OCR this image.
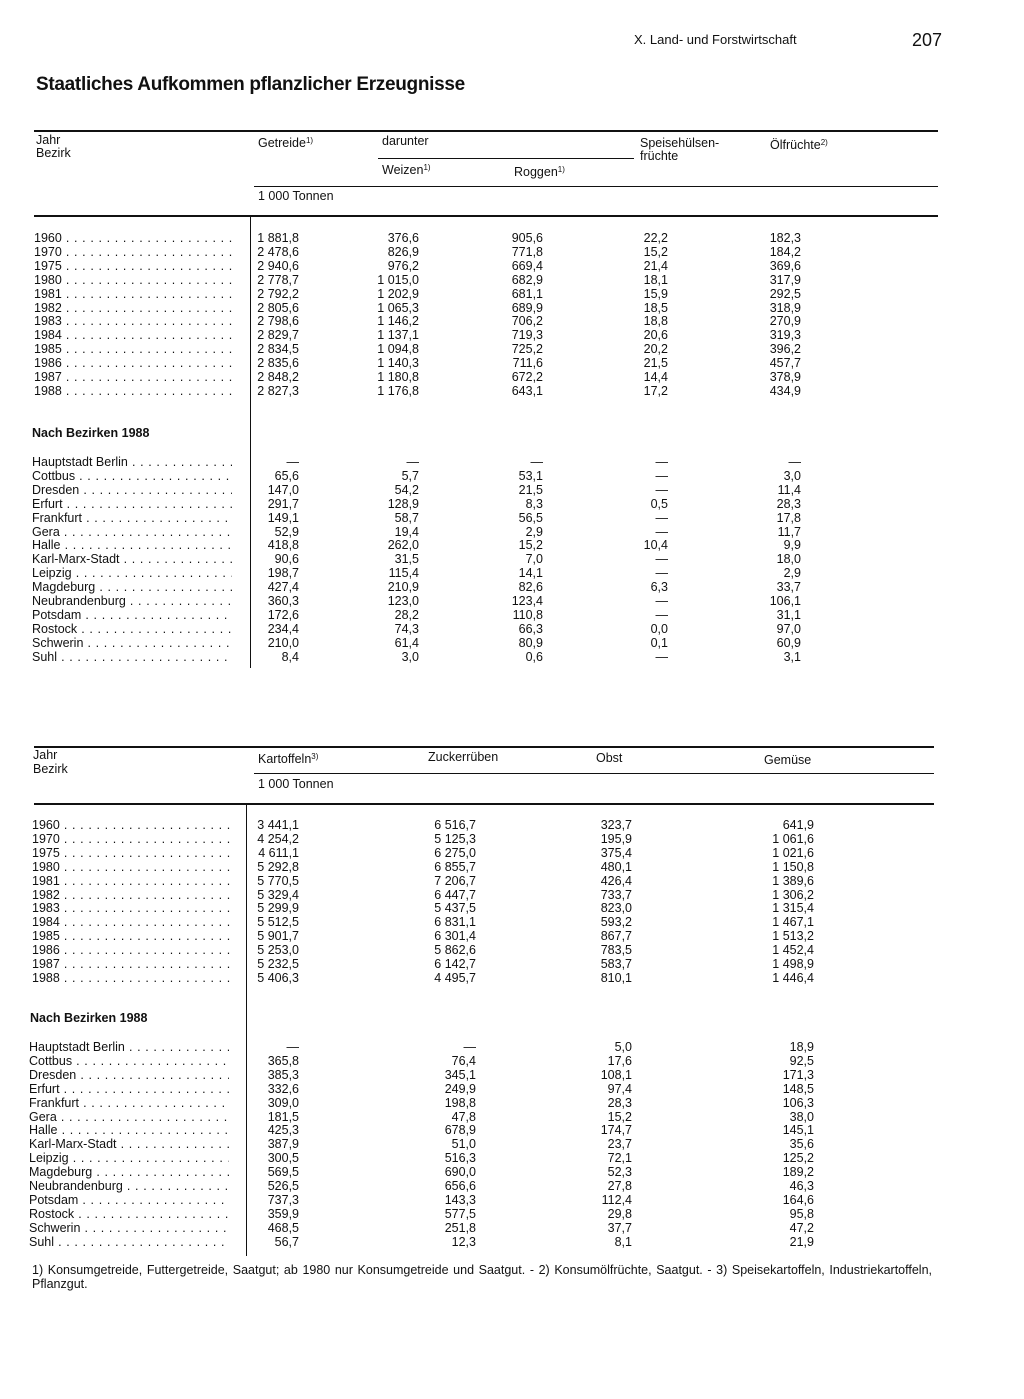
X. Land- und Forstwirtschaft	207
Staatliches Aufkommen pflanzlicher Erzeugnisse
Jahr
Bezirk
Getreide$^{1)}$	darunter
Weizen$^{1)}$	Roggen$^{1)}$
Speisehülsen-
früchte
Ölfrüchte$^{2)}$
1 000 Tonnen
1960 . . .	1 881,8	376,6	905,6	22,2	182,3
1970 . . .	2 478,6	826,9	771,8	15,2	184,2
1975 . . .	2 940,6	976,2	669,4	21,4	369,6
1980 . . .	2 778,7	1 015,0	682,9	18,1	317,9
1981 . . .	2 792,2	1 202,9	681,1	15,9	292,5
1982 . . .	2 805,6	1 065,3	689,9	18,5	318,9
1983 . . .	2 798,6	1 146,2	706,2	18,8	270,9
1984 . . .	2 829,7	1 137,1	719,3	20,6	319,3
1985 . . .	2 834,5	1 094,8	725,2	20,2	396,2
1986 . . .	2 835,6	1 140,3	711,6	21,5	457,7
1987 . . .	2 848,2	1 180,8	672,2	14,4	378,9
1988 . . .	2 827,3	1 176,8	643,1	17,2	434,9
Nach Bezirken 1988
Hauptstadt Berlin . . .	—	—	—	—	—
Cottbus . . .	65,6	5,7	53,1	—	3,0
Dresden . . .	147,0	54,2	21,5	—	11,4
Erfurt . . .	291,7	128,9	8,3	0,5	28,3
Frankfurt . . .	149,1	58,7	56,5	—	17,8
Gera . . .	52,9	19,4	2,9	—	11,7
Halle . . .	418,8	262,0	15,2	10,4	9,9
Karl-Marx-Stadt . . .	90,6	31,5	7,0	—	18,0
Leipzig . . .	198,7	115,4	14,1	—	2,9
Magdeburg . . .	427,4	210,9	82,6	6,3	33,7
Neubrandenburg . . .	360,3	123,0	123,4	—	106,1
Potsdam . . .	172,6	28,2	110,8	—	31,1
Rostock . . .	234,4	74,3	66,3	0,0	97,0
Schwerin . . .	210,0	61,4	80,9	0,1	60,9
Suhl . . .	8,4	3,0	0,6	—	3,1
Jahr
Bezirk
Kartoffeln$^{3)}$	Zuckerrüben	Obst	Gemüse
1 000 Tonnen
1960 . . .	3 441,1	6 516,7	323,7	641,9
1970 . . .	4 254,2	5 125,3	195,9	1 061,6
1975 . . .	4 611,1	6 275,0	375,4	1 021,6
1980 . . .	5 292,8	6 855,7	480,1	1 150,8
1981 . . .	5 770,5	7 206,7	426,4	1 389,6
1982 . . .	5 329,4	6 447,7	733,7	1 306,2
1983 . . .	5 299,9	5 437,5	823,0	1 315,4
1984 . . .	5 512,5	6 831,1	593,2	1 467,1
1985 . . .	5 901,7	6 301,4	867,7	1 513,2
1986 . . .	5 253,0	5 862,6	783,5	1 452,4
1987 . . .	5 232,5	6 142,7	583,7	1 498,9
1988 . . .	5 406,3	4 495,7	810,1	1 446,4
Nach Bezirken 1988
Hauptstadt Berlin . . .	—	—	5,0	18,9
Cottbus . . .	365,8	76,4	17,6	92,5
Dresden . . .	385,3	345,1	108,1	171,3
Erfurt . . .	332,6	249,9	97,4	148,5
Frankfurt . . .	309,0	198,8	28,3	106,3
Gera . . .	181,5	47,8	15,2	38,0
Halle . . .	425,3	678,9	174,7	145,1
Karl-Marx-Stadt . . .	387,9	51,0	23,7	35,6
Leipzig . . .	300,5	516,3	72,1	125,2
Magdeburg . . .	569,5	690,0	52,3	189,2
Neubrandenburg . . .	526,5	656,6	27,8	46,3
Potsdam . . .	737,3	143,3	112,4	164,6
Rostock . . .	359,9	577,5	29,8	95,8
Schwerin . . .	468,5	251,8	37,7	47,2
Suhl . . .	56,7	12,3	8,1	21,9
1) Konsumgetreide, Futtergetreide, Saatgut; ab 1980 nur Konsumgetreide und Saatgut. - 2) Konsumölfrüchte, Saatgut. - 3) Speisekartoffeln, Industriekartoffeln, Pflanzgut.
